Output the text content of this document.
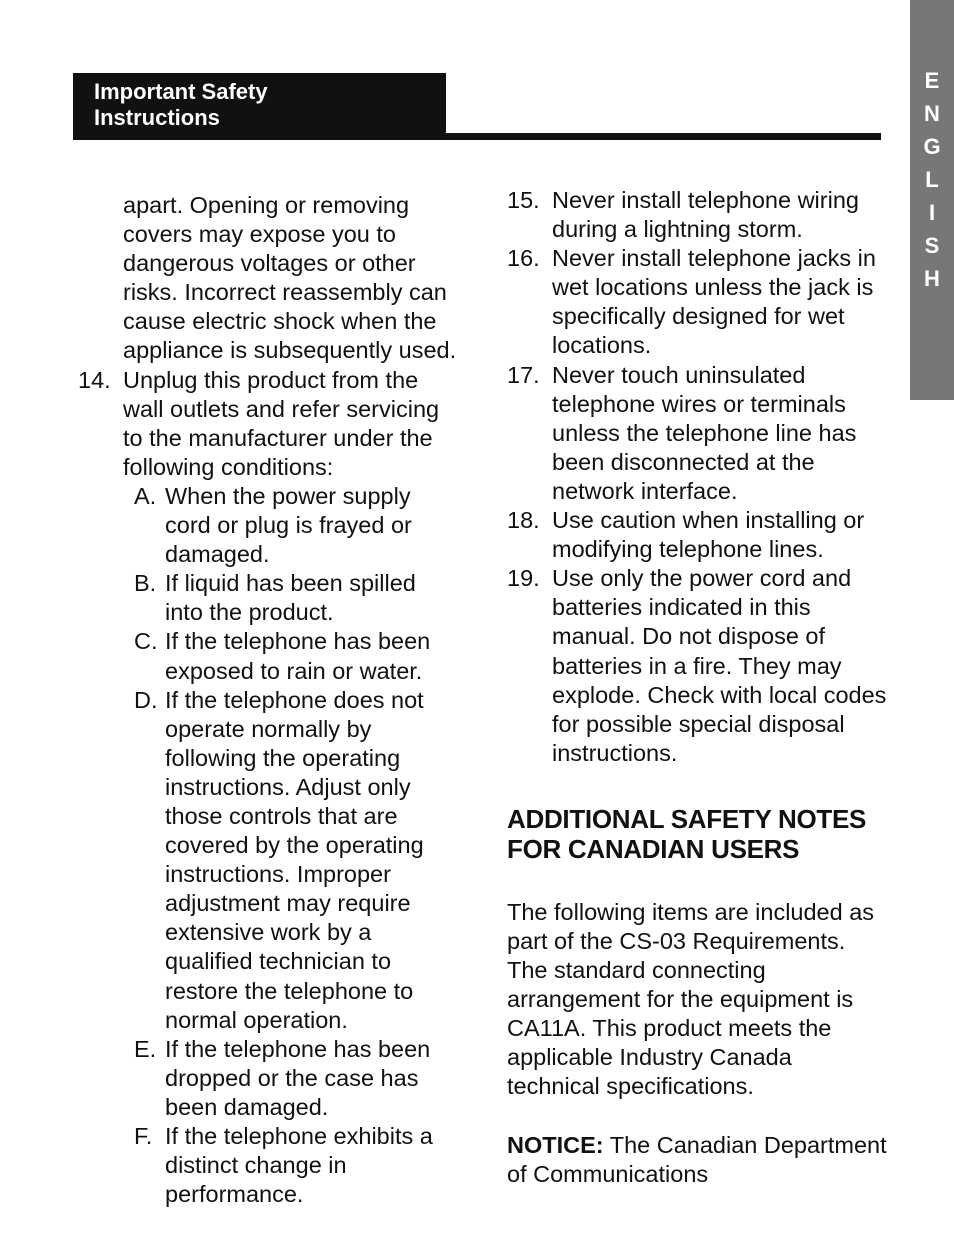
Important Safety
Instructions
E
N
G
L
I
S
H

apart. Opening or removing covers may expose you to dangerous voltages or other risks. Incorrect reassembly can cause electric shock when the appliance is subsequently used.

14. Unplug this product from the wall outlets and refer servicing to the manufacturer under the following conditions:
A. When the power supply cord or plug is frayed or damaged.
B. If liquid has been spilled into the product.
C. If the telephone has been exposed to rain or water.
D. If the telephone does not operate normally by following the operating instructions. Adjust only those controls that are covered by the operating instructions. Improper adjustment may require extensive work by a qualified technician to restore the telephone to normal operation.
E. If the telephone has been dropped or the case has been damaged.
F. If the telephone exhibits a distinct change in performance.
15. Never install telephone wiring during a lightning storm.
16. Never install telephone jacks in wet locations unless the jack is specifically designed for wet locations.
17. Never touch uninsulated telephone wires or terminals unless the telephone line has been disconnected at the network interface.
18. Use caution when installing or modifying telephone lines.
19. Use only the power cord and batteries indicated in this manual. Do not dispose of batteries in a fire. They may explode. Check with local codes for possible special disposal instructions.
ADDITIONAL SAFETY NOTES
FOR CANADIAN USERS

The following items are included as part of the CS-03 Requirements. The standard connecting arrangement for the equipment is CA11A. This product meets the applicable Industry Canada technical specifications.

NOTICE: The Canadian Department of Communications
